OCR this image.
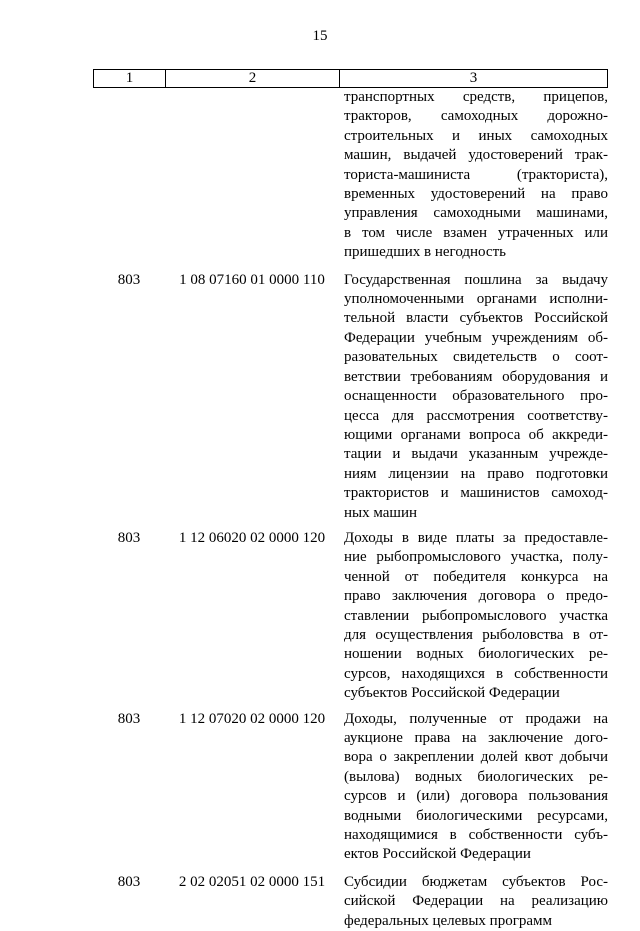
15
1	2	3
транспортных средств, прицепов,
тракторов, самоходных дорожно-
строительных и иных самоходных
машин, выдачей удостоверений трак-
ториста-машиниста (тракториста),
временных удостоверений на право
управления самоходными машинами,
в том числе взамен утраченных или
пришедших в негодность
803	1 08 07160 01 0000 110	Государственная пошлина за выдачу
уполномоченными органами исполни-
тельной власти субъектов Российской
Федерации учебным учреждениям об-
разовательных свидетельств о соот-
ветствии требованиям оборудования и
оснащенности образовательного про-
цесса для рассмотрения соответству-
ющими органами вопроса об аккреди-
тации и выдачи указанным учрежде-
ниям лицензии на право подготовки
трактористов и машинистов самоход-
ных машин
803	1 12 06020 02 0000 120	Доходы в виде платы за предоставле-
ние рыбопромыслового участка, полу-
ченной от победителя конкурса на
право заключения договора о предо-
ставлении рыбопромыслового участка
для осуществления рыболовства в от-
ношении водных биологических ре-
сурсов, находящихся в собственности
субъектов Российской Федерации
803	1 12 07020 02 0000 120	Доходы, полученные от продажи на
аукционе права на заключение дого-
вора о закреплении долей квот добычи
(вылова) водных биологических ре-
сурсов и (или) договора пользования
водными биологическими ресурсами,
находящимися в собственности субъ-
ектов Российской Федерации
803	2 02 02051 02 0000 151	Субсидии бюджетам субъектов Рос-
сийской Федерации на реализацию
федеральных целевых программ
